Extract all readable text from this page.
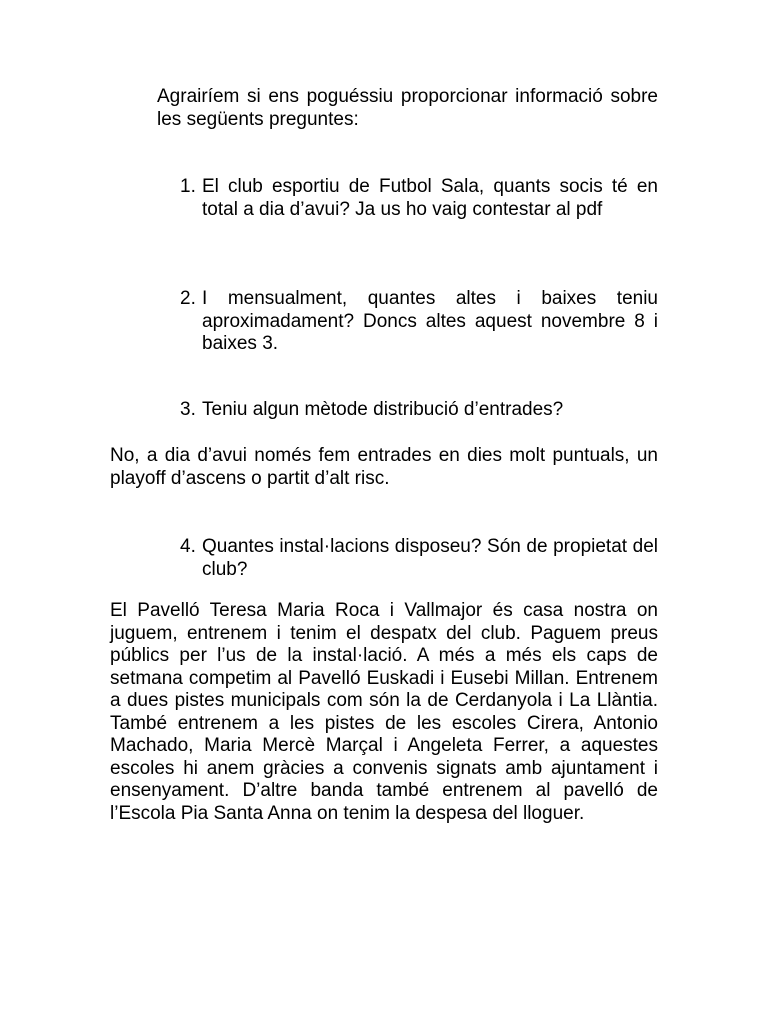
Agrairíem si ens poguéssiu proporcionar informació sobre les següents preguntes:

1. El club esportiu de Futbol Sala, quants socis té en total a dia d’avui? Ja us ho vaig contestar al pdf
2. I mensualment, quantes altes i baixes teniu aproximadament? Doncs altes aquest novembre 8 i baixes 3.
3. Teniu algun mètode distribució d’entrades?

No, a dia d’avui només fem entrades en dies molt puntuals, un playoff d’ascens o partit d’alt risc.

4. Quantes instal·lacions disposeu? Són de propietat del club?

El Pavelló Teresa Maria Roca i Vallmajor és casa nostra on juguem, entrenem i tenim el despatx del club. Paguem preus públics per l’us de la instal·lació. A més a més els caps de setmana competim al Pavelló Euskadi i Eusebi Millan. Entrenem a dues pistes municipals com són la de Cerdanyola i La Llàntia. També entrenem a les pistes de les escoles Cirera, Antonio Machado, Maria Mercè Marçal i Angeleta Ferrer, a aquestes escoles hi anem gràcies a convenis signats amb ajuntament i ensenyament. D’altre banda també entrenem al pavelló de l’Escola Pia Santa Anna on tenim la despesa del lloguer.
